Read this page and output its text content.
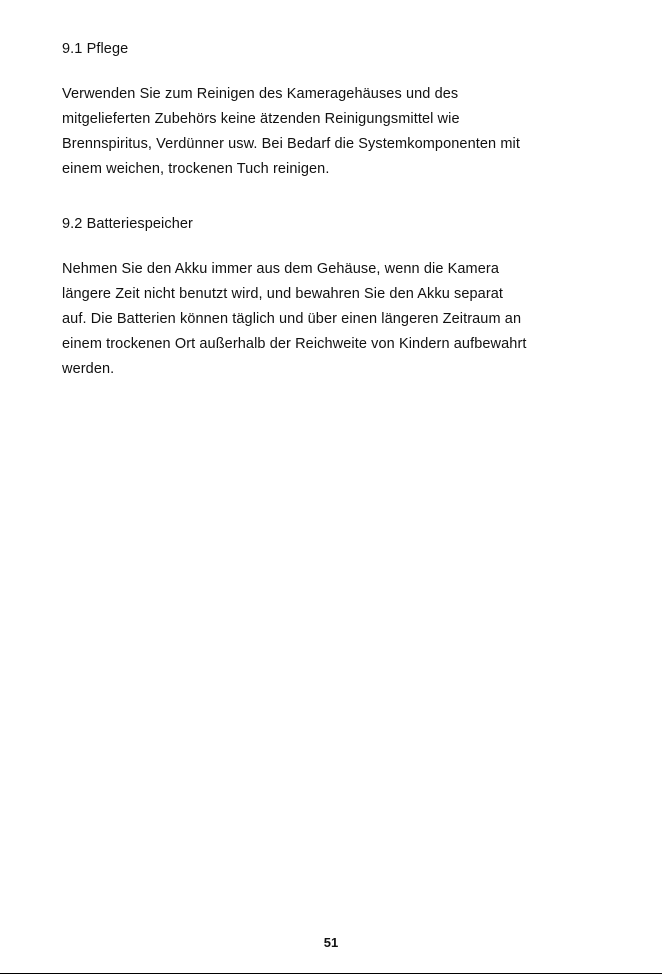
9.1 Pflege
Verwenden Sie zum Reinigen des Kameragehäuses und des
mitgelieferten Zubehörs keine ätzenden Reinigungsmittel wie
Brennspiritus, Verdünner usw. Bei Bedarf die Systemkomponenten mit
einem weichen, trockenen Tuch reinigen.
9.2 Batteriespeicher
Nehmen Sie den Akku immer aus dem Gehäuse, wenn die Kamera
längere Zeit nicht benutzt wird, und bewahren Sie den Akku separat
auf. Die Batterien können täglich und über einen längeren Zeitraum an
einem trockenen Ort außerhalb der Reichweite von Kindern aufbewahrt
werden.
51
